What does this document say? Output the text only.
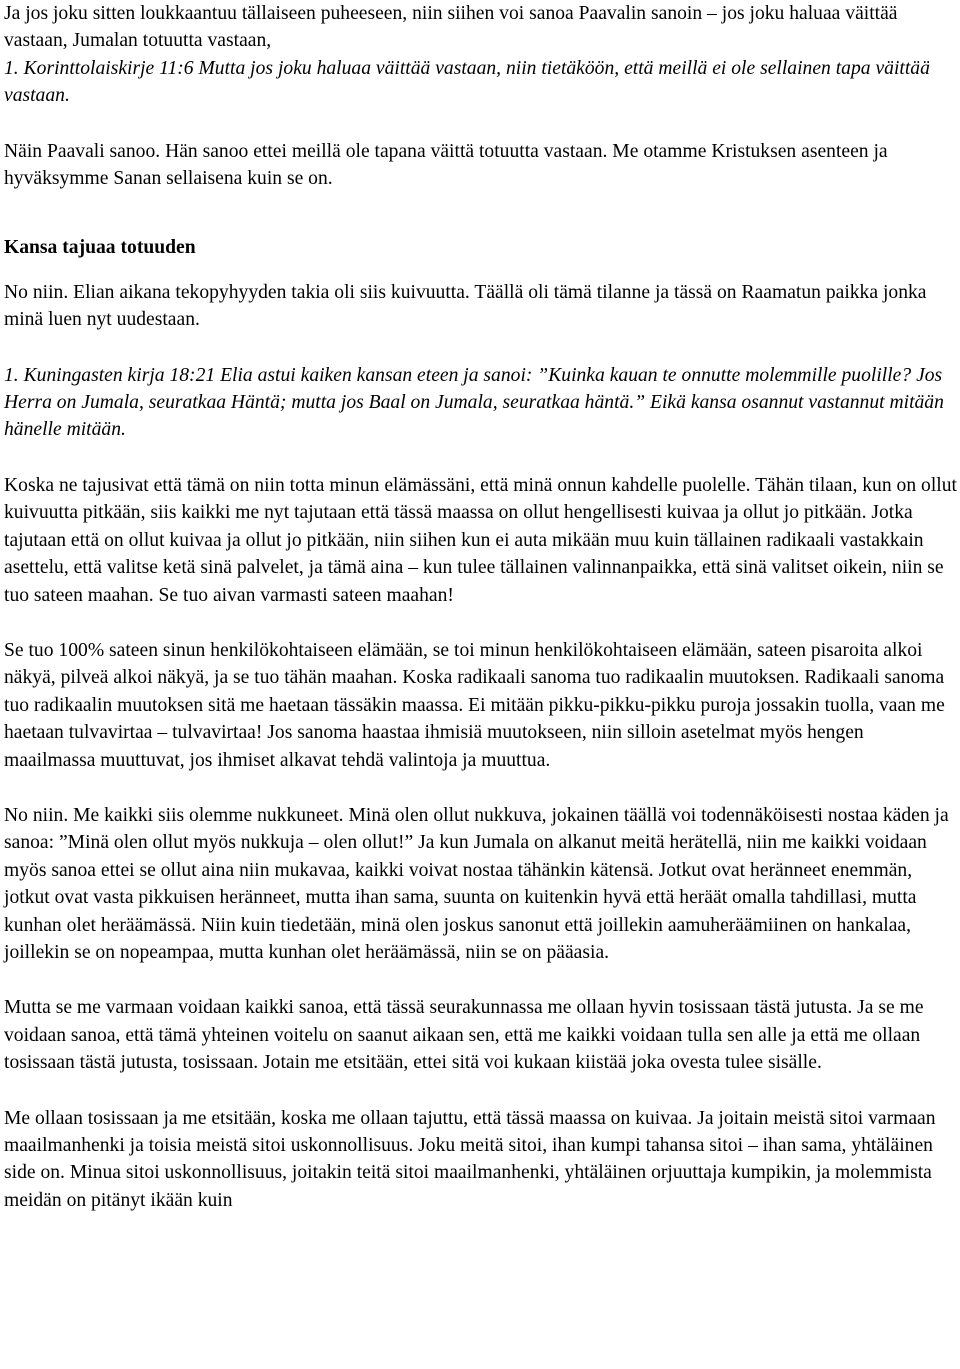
Ja jos joku sitten loukkaantuu tällaiseen puheeseen, niin siihen voi sanoa Paavalin sanoin – jos joku haluaa väittää vastaan, Jumalan totuutta vastaan,

1. Korinttolaiskirje 11:6 Mutta jos joku haluaa väittää vastaan, niin tietäköön, että meillä ei ole sellainen tapa väittää vastaan.

Näin Paavali sanoo. Hän sanoo ettei meillä ole tapana väittä totuutta vastaan. Me otamme Kristuksen asenteen ja hyväksymme Sanan sellaisena kuin se on.

Kansa tajuaa totuuden

No niin. Elian aikana tekopyhyyden takia oli siis kuivuutta. Täällä oli tämä tilanne ja tässä on Raamatun paikka jonka minä luen nyt uudestaan.

1. Kuningasten kirja 18:21 Elia astui kaiken kansan eteen ja sanoi: ”Kuinka kauan te onnutte molemmille puolille? Jos Herra on Jumala, seuratkaa Häntä; mutta jos Baal on Jumala, seuratkaa häntä.” Eikä kansa osannut vastannut mitään hänelle mitään.

Koska ne tajusivat että tämä on niin totta minun elämässäni, että minä onnun kahdelle puolelle. Tähän tilaan, kun on ollut kuivuutta pitkään, siis kaikki me nyt tajutaan että tässä maassa on ollut hengellisesti kuivaa ja ollut jo pitkään. Jotka tajutaan että on ollut kuivaa ja ollut jo pitkään, niin siihen kun ei auta mikään muu kuin tällainen radikaali vastakkain asettelu, että valitse ketä sinä palvelet, ja tämä aina – kun tulee tällainen valinnanpaikka, että sinä valitset oikein, niin se tuo sateen maahan. Se tuo aivan varmasti sateen maahan!

Se tuo 100% sateen sinun henkilökohtaiseen elämään, se toi minun henkilökohtaiseen elämään, sateen pisaroita alkoi näkyä, pilveä alkoi näkyä, ja se tuo tähän maahan. Koska radikaali sanoma tuo radikaalin muutoksen. Radikaali sanoma tuo radikaalin muutoksen sitä me haetaan tässäkin maassa. Ei mitään pikku-pikku-pikku puroja jossakin tuolla, vaan me haetaan tulvavirtaa – tulvavirtaa! Jos sanoma haastaa ihmisiä muutokseen, niin silloin asetelmat myös hengen maailmassa muuttuvat, jos ihmiset alkavat tehdä valintoja ja muuttua.

No niin. Me kaikki siis olemme nukkuneet. Minä olen ollut nukkuva, jokainen täällä voi todennäköisesti nostaa käden ja sanoa: ”Minä olen ollut myös nukkuja – olen ollut!” Ja kun Jumala on alkanut meitä herätellä, niin me kaikki voidaan myös sanoa ettei se ollut aina niin mukavaa, kaikki voivat nostaa tähänkin kätensä. Jotkut ovat heränneet enemmän, jotkut ovat vasta pikkuisen heränneet, mutta ihan sama, suunta on kuitenkin hyvä että heräät omalla tahdillasi, mutta kunhan olet heräämässä. Niin kuin tiedetään, minä olen joskus sanonut että joillekin aamuheräämiinen on hankalaa, joillekin se on nopeampaa, mutta kunhan olet heräämässä, niin se on pääasia.

Mutta se me varmaan voidaan kaikki sanoa, että tässä seurakunnassa me ollaan hyvin tosissaan tästä jutusta. Ja se me voidaan sanoa, että tämä yhteinen voitelu on saanut aikaan sen, että me kaikki voidaan tulla sen alle ja että me ollaan tosissaan tästä jutusta, tosissaan. Jotain me etsitään, ettei sitä voi kukaan kiistää joka ovesta tulee sisälle.

Me ollaan tosissaan ja me etsitään, koska me ollaan tajuttu, että tässä maassa on kuivaa. Ja joitain meistä sitoi varmaan maailmanhenki ja toisia meistä sitoi uskonnollisuus. Joku meitä sitoi, ihan kumpi tahansa sitoi – ihan sama, yhtäläinen side on. Minua sitoi uskonnollisuus, joitakin teitä sitoi maailmanhenki, yhtäläinen orjuuttaja kumpikin, ja molemmista meidän on pitänyt ikään kuin
